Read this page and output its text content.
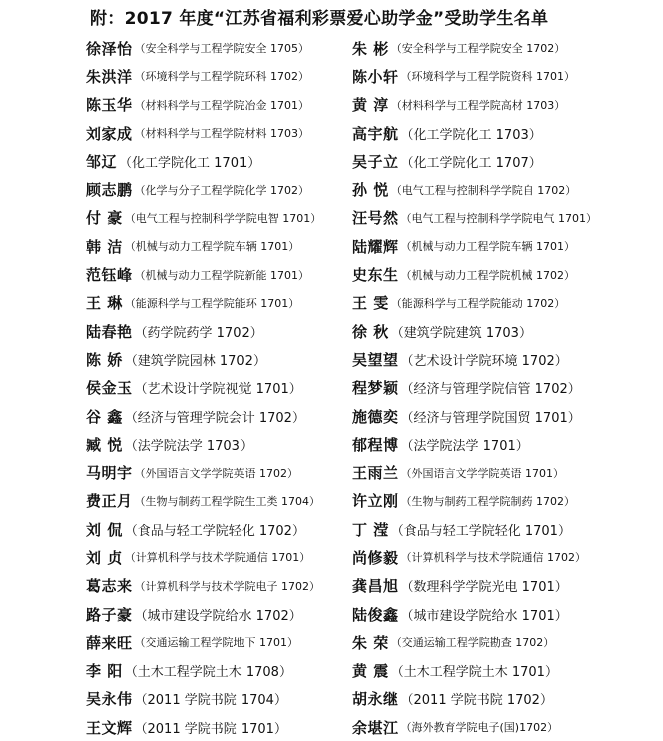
附：2017 年度“江苏省福利彩票爱心助学金”受助学生名单
徐泽怡 （安全科学与工程学院安全 1705）
朱洪洋 （环境科学与工程学院环科 1702）
陈玉华 （材料科学与工程学院冶金 1701）
刘家成 （材料科学与工程学院材料 1703）
邹辽 （化工学院化工 1701）
顾志鹏 （化学与分子工程学院化学 1702）
付 豪 （电气工程与控制科学学院电智 1701）
韩 洁 （机械与动力工程学院车辆 1701）
范钰峰 （机械与动力工程学院新能 1701）
王 琳 （能源科学与工程学院能环 1701）
陆春艳 （药学院药学 1702）
陈 娇 （建筑学院园林 1702）
侯金玉 （艺术设计学院视觉 1701）
谷 鑫 （经济与管理学院会计 1702）
臧 悦 （法学院法学 1703）
马明宇 （外国语言文学学院英语 1702）
费正月 （生物与制药工程学院生工类 1704）
刘 侃 （食品与轻工学院轻化 1702）
刘 贞 （计算机科学与技术学院通信 1701）
葛志来 （计算机科学与技术学院电子 1702）
路子豪 （城市建设学院给水 1702）
薛来旺 （交通运输工程学院地下 1701）
李 阳 （土木工程学院土木 1708）
吴永伟 （2011 学院书院 1704）
王文辉 （2011 学院书院 1701）
朱 彬 （安全科学与工程学院安全 1702）
陈小轩 （环境科学与工程学院资科 1701）
黄 淳 （材料科学与工程学院高材 1703）
高宇航 （化工学院化工 1703）
吴子立 （化工学院化工 1707）
孙 悦 （电气工程与控制科学学院自 1702）
汪号然 （电气工程与控制科学学院电气 1701）
陆耀辉 （机械与动力工程学院车辆 1701）
史东生 （机械与动力工程学院机械 1702）
王 雯 （能源科学与工程学院能动 1702）
徐 秋 （建筑学院建筑 1703）
吴望望 （艺术设计学院环境 1702）
程梦颖 （经济与管理学院信管 1702）
施德奕 （经济与管理学院国贸 1701）
郁程博 （法学院法学 1701）
王雨兰 （外国语言文学学院英语 1701）
许立刚 （生物与制药工程学院制药 1702）
丁 滢 （食品与轻工学院轻化 1701）
尚修毅 （计算机科学与技术学院通信 1702）
龚昌旭 （数理科学学院光电 1701）
陆俊鑫 （城市建设学院给水 1701）
朱 荣 （交通运输工程学院勘查 1702）
黄 震 （土木工程学院土木 1701）
胡永继 （2011 学院书院 1702）
余堪江 （海外教育学院电子(国)1702）
